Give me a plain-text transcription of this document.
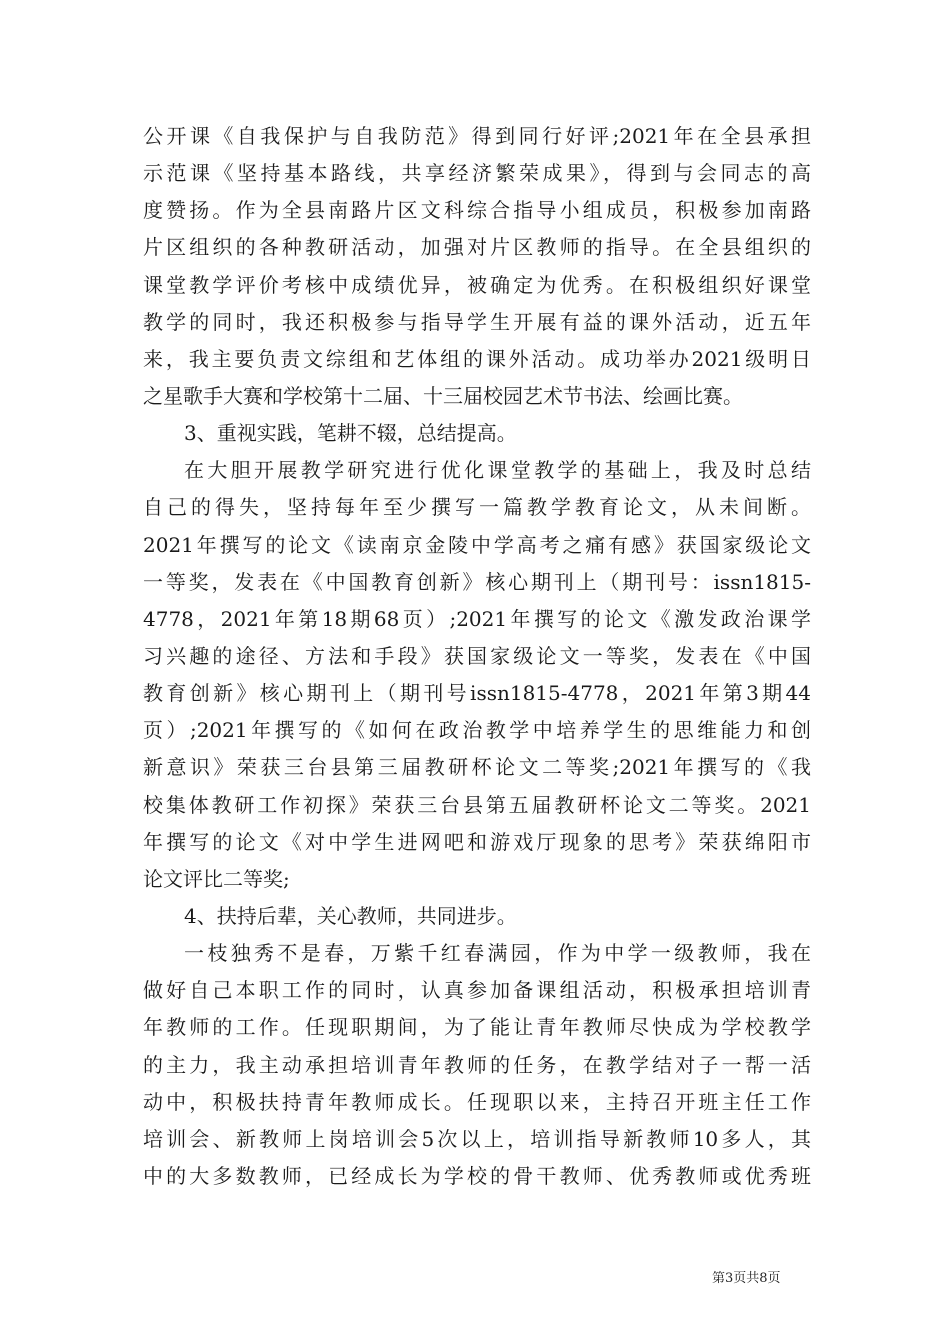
公开课《自我保护与自我防范》得到同行好评;2021年在全县承担
示范课《坚持基本路线，共享经济繁荣成果》，得到与会同志的高
度赞扬。作为全县南路片区文科综合指导小组成员，积极参加南路
片区组织的各种教研活动，加强对片区教师的指导。在全县组织的
课堂教学评价考核中成绩优异，被确定为优秀。在积极组织好课堂
教学的同时，我还积极参与指导学生开展有益的课外活动，近五年
来，我主要负责文综组和艺体组的课外活动。成功举办2021级明日
之星歌手大赛和学校第十二届、十三届校园艺术节书法、绘画比赛。
3、重视实践，笔耕不辍，总结提高。
在大胆开展教学研究进行优化课堂教学的基础上，我及时总结
自己的得失，坚持每年至少撰写一篇教学教育论文，从未间断。
2021年撰写的论文《读南京金陵中学高考之痛有感》获国家级论文
一等奖，发表在《中国教育创新》核心期刊上（期刊号：issn1815-
4778，2021年第18期68页）;2021年撰写的论文《激发政治课学
习兴趣的途径、方法和手段》获国家级论文一等奖，发表在《中国
教育创新》核心期刊上（期刊号issn1815-4778，2021年第3期44
页）;2021年撰写的《如何在政治教学中培养学生的思维能力和创
新意识》荣获三台县第三届教研杯论文二等奖;2021年撰写的《我
校集体教研工作初探》荣获三台县第五届教研杯论文二等奖。2021
年撰写的论文《对中学生进网吧和游戏厅现象的思考》荣获绵阳市
论文评比二等奖;
4、扶持后辈，关心教师，共同进步。
一枝独秀不是春，万紫千红春满园，作为中学一级教师，我在
做好自己本职工作的同时，认真参加备课组活动，积极承担培训青
年教师的工作。任现职期间，为了能让青年教师尽快成为学校教学
的主力，我主动承担培训青年教师的任务，在教学结对子一帮一活
动中，积极扶持青年教师成长。任现职以来，主持召开班主任工作
培训会、新教师上岗培训会5次以上，培训指导新教师10多人，其
中的大多数教师，已经成长为学校的骨干教师、优秀教师或优秀班
第3页共8页
